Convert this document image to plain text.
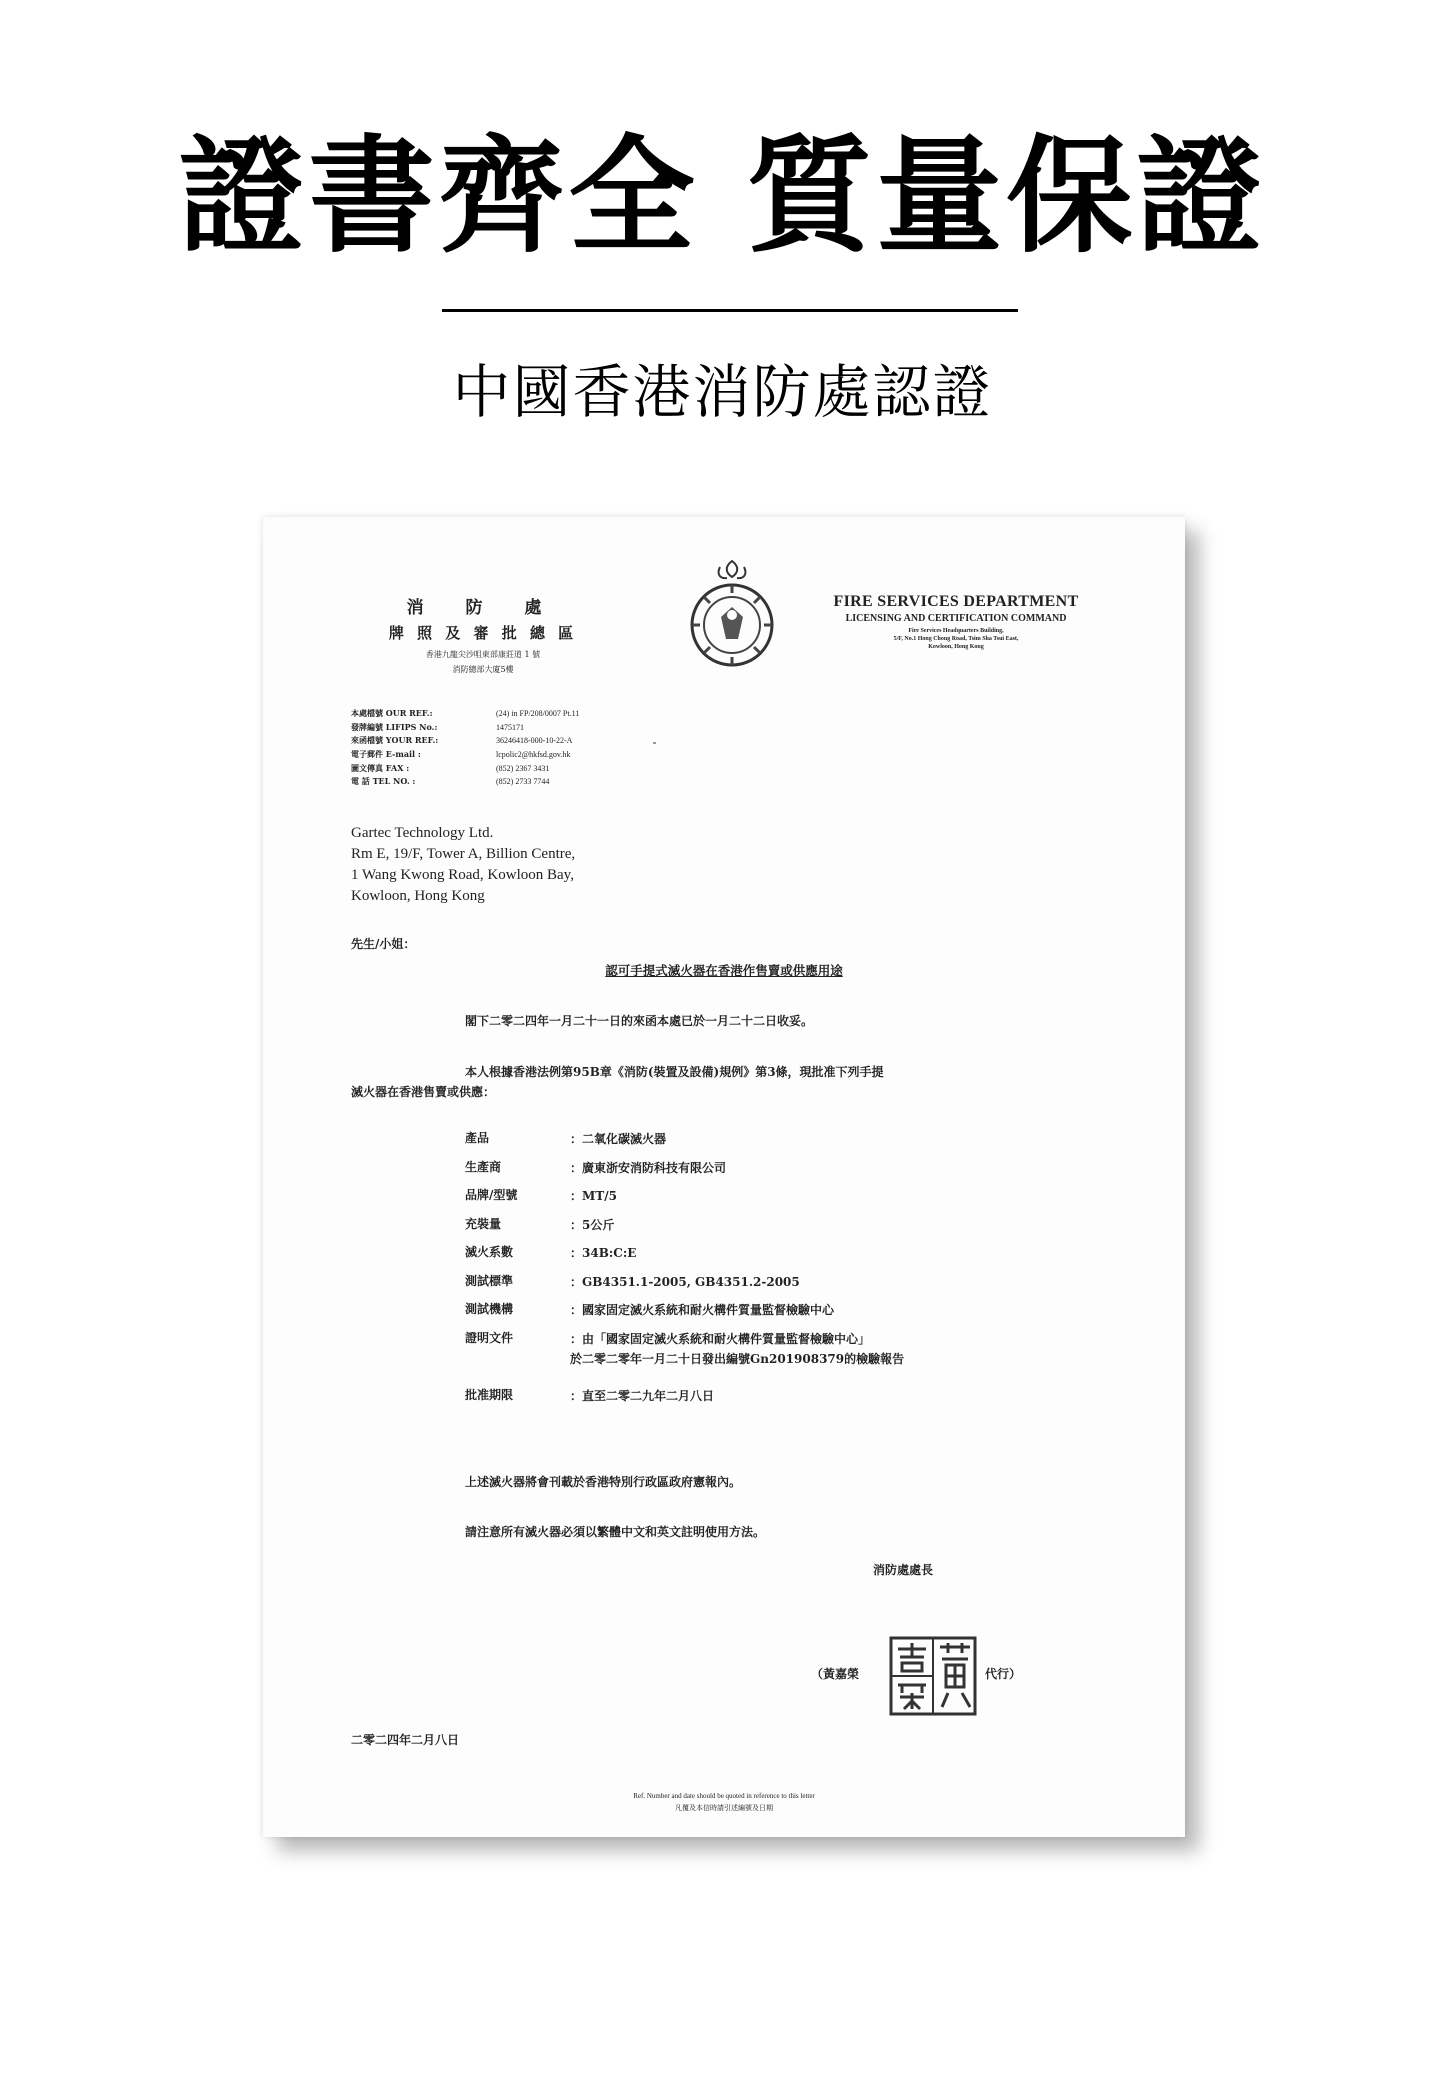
證書齊全 質量保證
中國香港消防處認證
消 防 處
牌 照 及 審 批 總 區
香港九龍尖沙咀東部康莊道 1 號
消防總部大廈5樓
FIRE SERVICES DEPARTMENT
LICENSING AND CERTIFICATION COMMAND
Fire Services Headquarters Building,
5/F, No.1 Hong Chong Road, Tsim Sha Tsui East,
Kowloon, Hong Kong
本處檔號 OUR REF.:	(24) in FP/208/0007 Pt.11
發牌編號 LIFIPS No.:	1475171
來函檔號 YOUR REF.:	36246418-000-10-22-A
電子郵件 E-mail :	lcpolic2@hkfsd.gov.hk
圖文傳真 FAX :	(852) 2367 3431
電 話 TEL NO. :	(852) 2733 7744
Gartec Technology Ltd.
Rm E, 19/F, Tower A, Billion Centre,
1 Wang Kwong Road, Kowloon Bay,
Kowloon, Hong Kong
先生/小姐：
認可手提式滅火器在香港作售賣或供應用途
閣下二零二四年一月二十一日的來函本處已於一月二十二日收妥。
本人根據香港法例第95B章《消防(裝置及設備)規例》第3條，現批准下列手提
滅火器在香港售賣或供應：
產品	：二氧化碳滅火器
生產商	：廣東浙安消防科技有限公司
品牌/型號	：MT/5
充裝量	：5公斤
滅火系數	：34B:C:E
測試標準	：GB4351.1-2005, GB4351.2-2005
測試機構	：國家固定滅火系統和耐火構件質量監督檢驗中心
證明文件	：由「國家固定滅火系統和耐火構件質量監督檢驗中心」
於二零二零年一月二十日發出編號Gn201908379的檢驗報告
批准期限	：直至二零二九年二月八日
上述滅火器將會刊載於香港特別行政區政府憲報內。
請注意所有滅火器必須以繁體中文和英文註明使用方法。
消防處處長
（黃嘉榮	代行）
二零二四年二月八日
Ref. Number and date should be quoted in reference to this letter
凡覆及本信時請引述編號及日期
